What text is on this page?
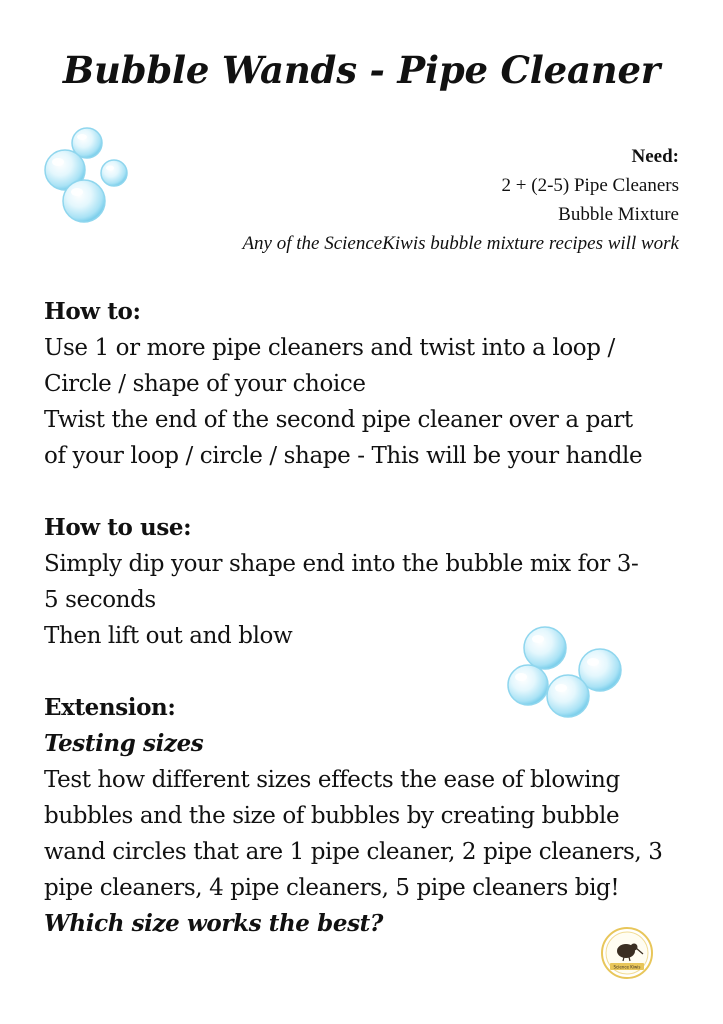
Bubble Wands - Pipe Cleaner
Need:
2 + (2-5) Pipe Cleaners
Bubble Mixture
Any of the ScienceKiwis bubble mixture recipes will work

How to:

Use 1 or more pipe cleaners and twist into a loop /

Circle / shape of your choice

Twist the end of the second pipe cleaner over a part

of your loop / circle / shape - This will be your handle

How to use:

Simply dip your shape end into the bubble mix for 3-

5 seconds

Then lift out and blow

Extension:

Testing sizes

Test how different sizes effects the ease of blowing

bubbles and the size of bubbles by creating bubble

wand circles that are 1 pipe cleaner, 2 pipe cleaners, 3

pipe cleaners, 4 pipe cleaners, 5 pipe cleaners big!

Which size works the best?

Science Kiwis
